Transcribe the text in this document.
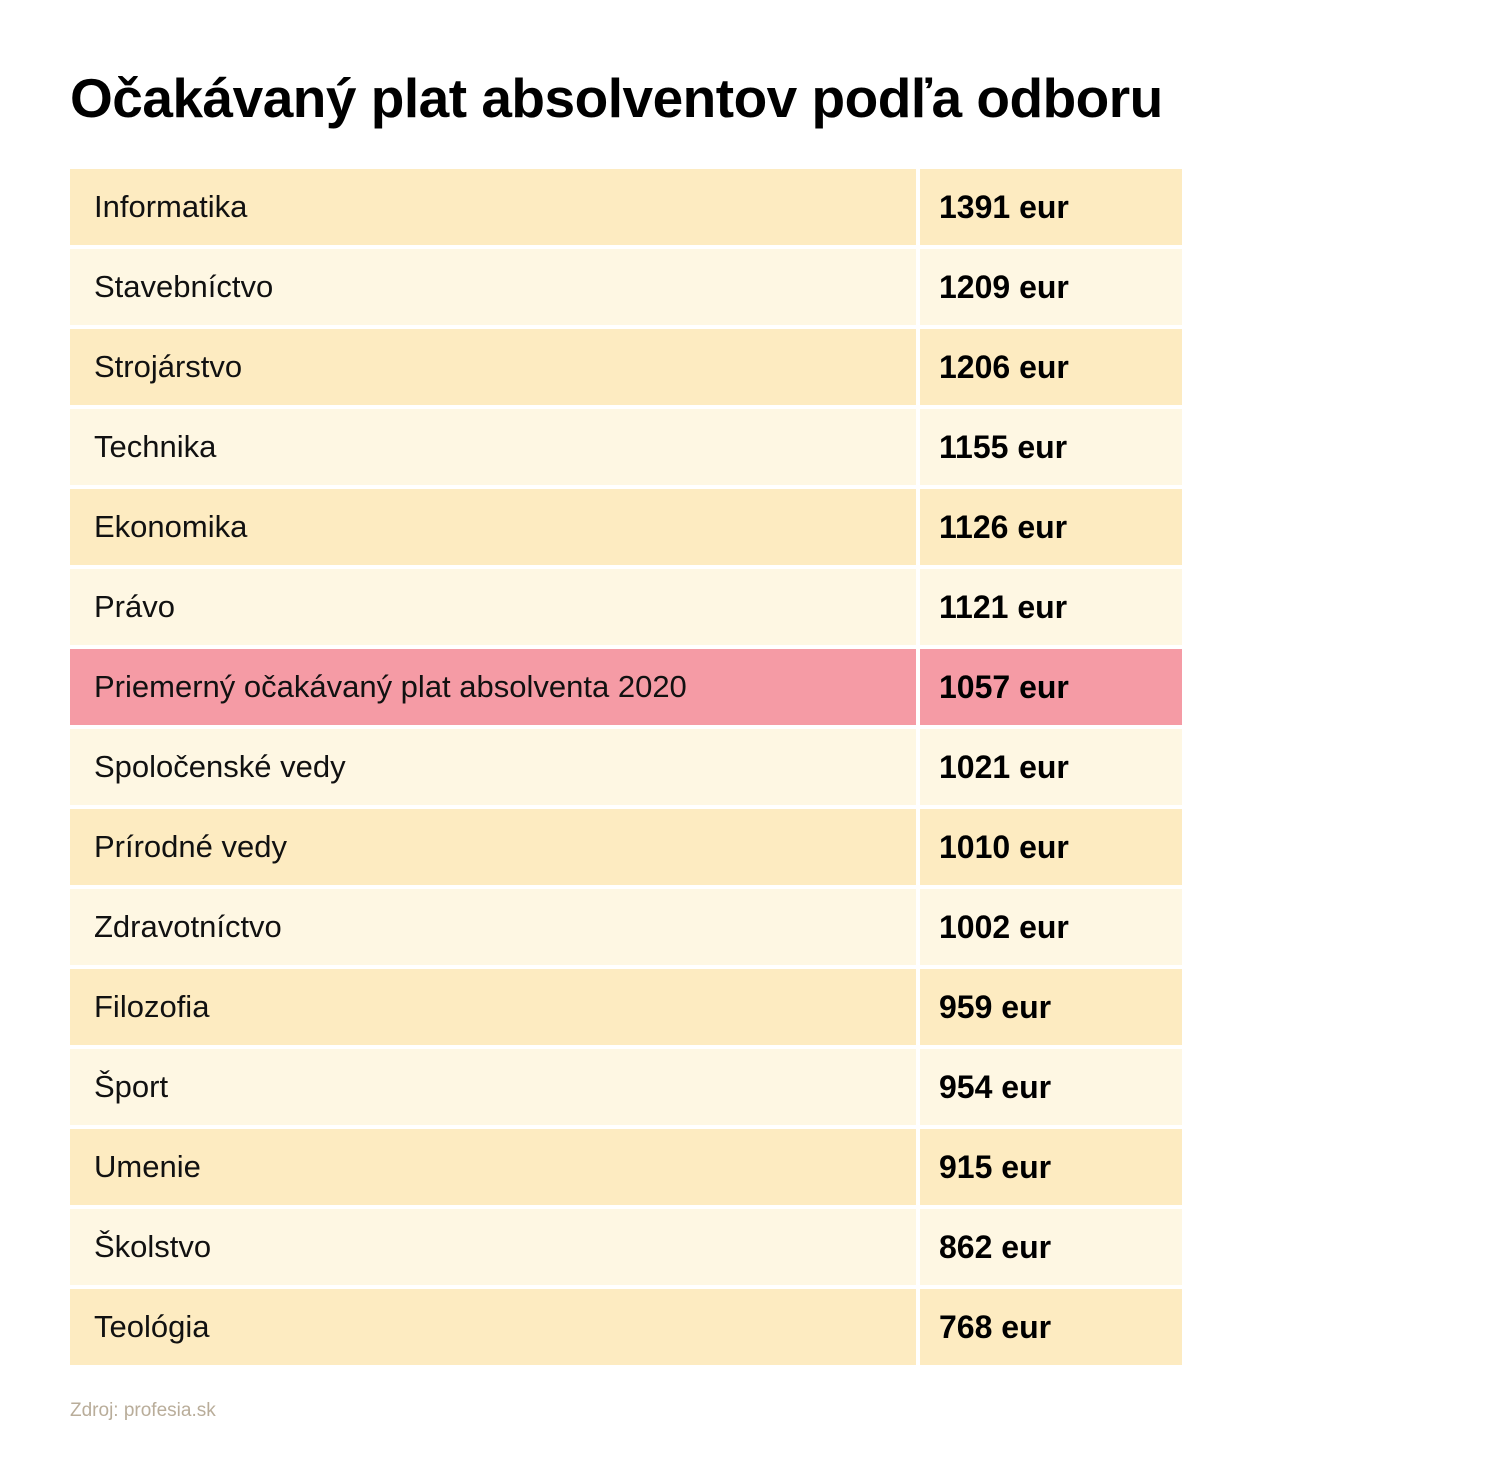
Očakávaný plat absolventov podľa odboru
Informatika	1391 eur
Stavebníctvo	1209 eur
Strojárstvo	1206 eur
Technika	1155 eur
Ekonomika	1126 eur
Právo	1121 eur
Priemerný očakávaný plat absolventa 2020	1057 eur
Spoločenské vedy	1021 eur
Prírodné vedy	1010 eur
Zdravotníctvo	1002 eur
Filozofia	959 eur
Šport	954 eur
Umenie	915 eur
Školstvo	862 eur
Teológia	768 eur
Zdroj: profesia.sk
